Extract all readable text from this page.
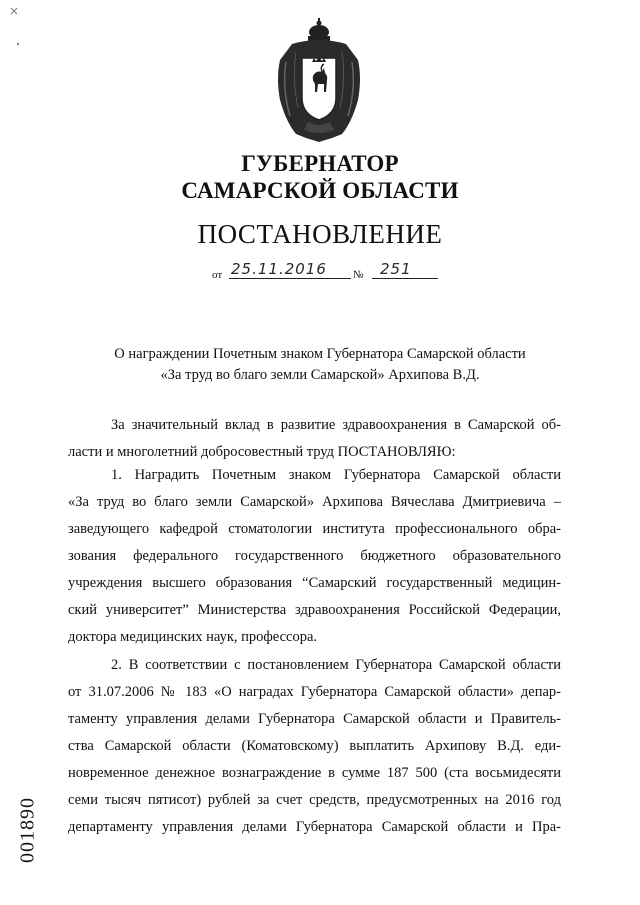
ГУБЕРНАТОР
САМАРСКОЙ ОБЛАСТИ
ПОСТАНОВЛЕНИЕ
от 25.11.2016	№	251
О награждении Почетным знаком Губернатора Самарской области
«За труд во благо земли Самарской» Архипова В.Д.
За значительный вклад в развитие здравоохранения в Самарской об-
ласти и многолетний добросовестный труд ПОСТАНОВЛЯЮ:
1. Наградить Почетным знаком Губернатора Самарской области
«За труд во благо земли Самарской» Архипова Вячеслава Дмитриевича –
заведующего кафедрой стоматологии института профессионального обра-
зования федерального государственного бюджетного образовательного
учреждения высшего образования “Самарский государственный медицин-
ский университет” Министерства здравоохранения Российской Федерации,
доктора медицинских наук, профессора.
2. В соответствии с постановлением Губернатора Самарской области
от 31.07.2006 № 183 «О наградах Губернатора Самарской области» депар-
таменту управления делами Губернатора Самарской области и Правитель-
ства Самарской области (Коматовскому) выплатить Архипову В.Д. еди-
новременное денежное вознаграждение в сумме 187 500 (ста восьмидесяти
семи тысяч пятисот) рублей за счет средств, предусмотренных на 2016 год
департаменту управления делами Губернатора Самарской области и Пра-
001890
